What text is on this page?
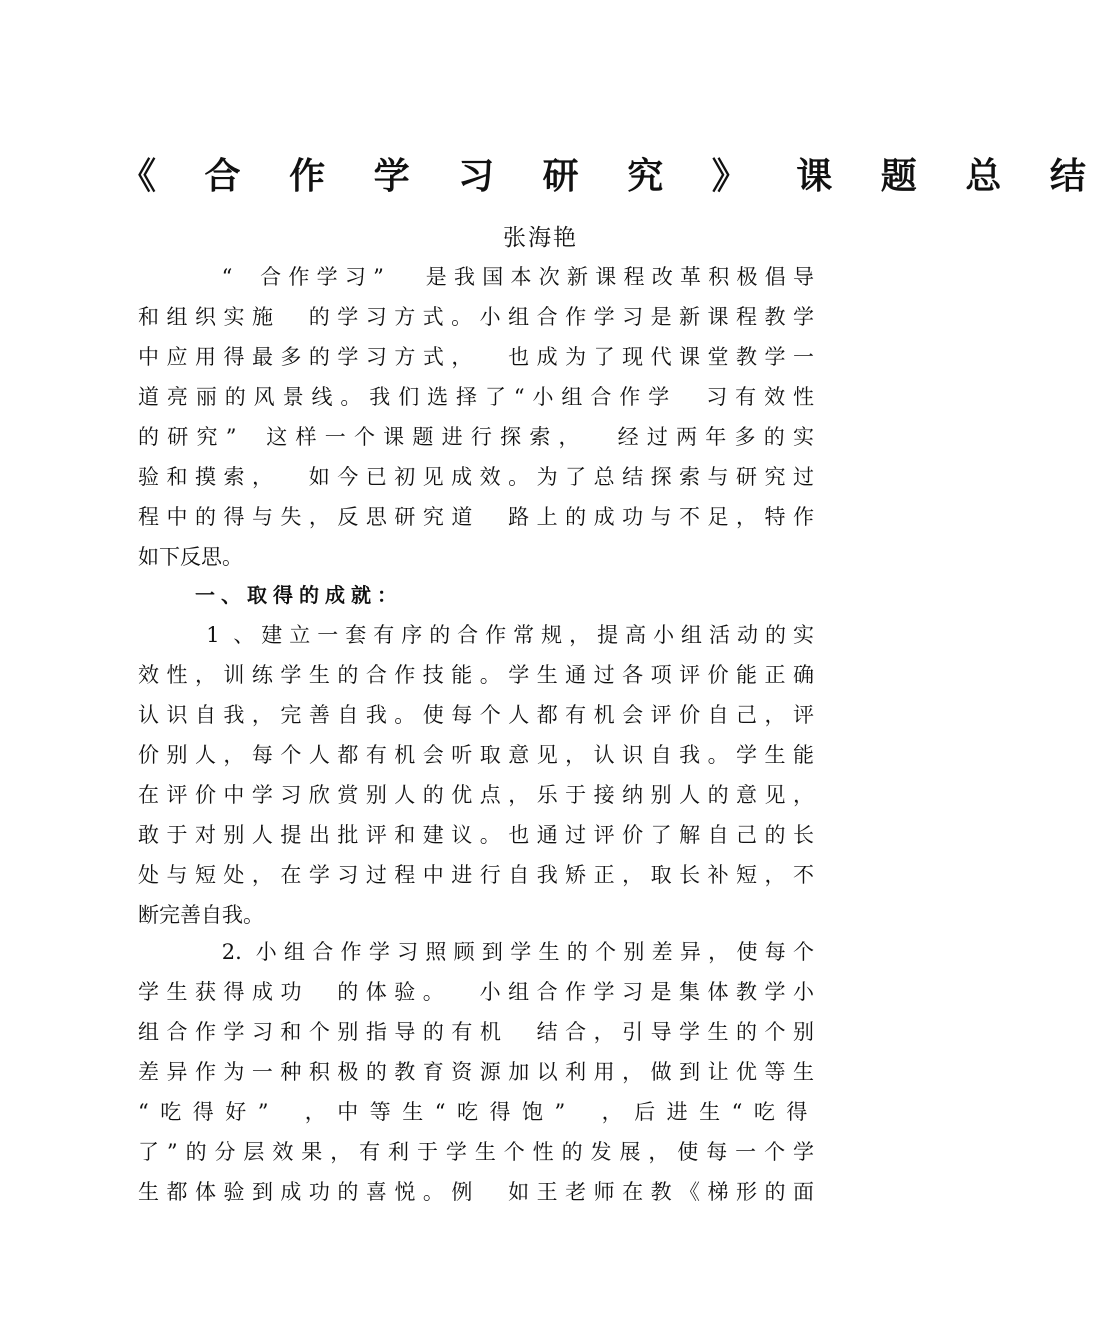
《 合 作 学 习 研 究 》 课 题 总 结
张海艳
“  合作学习”   是我国本次新课程改革积极倡导
和组织实施  的学习方式。小组合作学习是新课程教学
中应用得最多的学习方式，  也成为了现代课堂教学一
道亮丽的风景线。我们选择了“小组合作学  习有效性
的研究”  这样一个课题进行探索，  经过两年多的实
验和摸索，  如今已初见成效。为了总结探索与研究过
程中的得与失，反思研究道  路上的成功与不足，特作
如下反思。
一、取得的成就：
1 、建立一套有序的合作常规，提高小组活动的实
效性，训练学生的合作技能。学生通过各项评价能正确
认识自我，完善自我。使每个人都有机会评价自己，评
价别人，每个人都有机会听取意见，认识自我。学生能
在评价中学习欣赏别人的优点，乐于接纳别人的意见，
敢于对别人提出批评和建议。也通过评价了解自己的长
处与短处，在学习过程中进行自我矫正，取长补短，不
断完善自我。
2. 小组合作学习照顾到学生的个别差异，使每个
学生获得成功  的体验。  小组合作学习是集体教学小
组合作学习和个别指导的有机  结合，引导学生的个别
差异作为一种积极的教育资源加以利用，做到让优等生
“吃得好”  ，中等生“吃得饱”  ，后进生“吃得
了”的分层效果，有利于学生个性的发展，使每一个学
生都体验到成功的喜悦。例  如王老师在教《梯形的面
